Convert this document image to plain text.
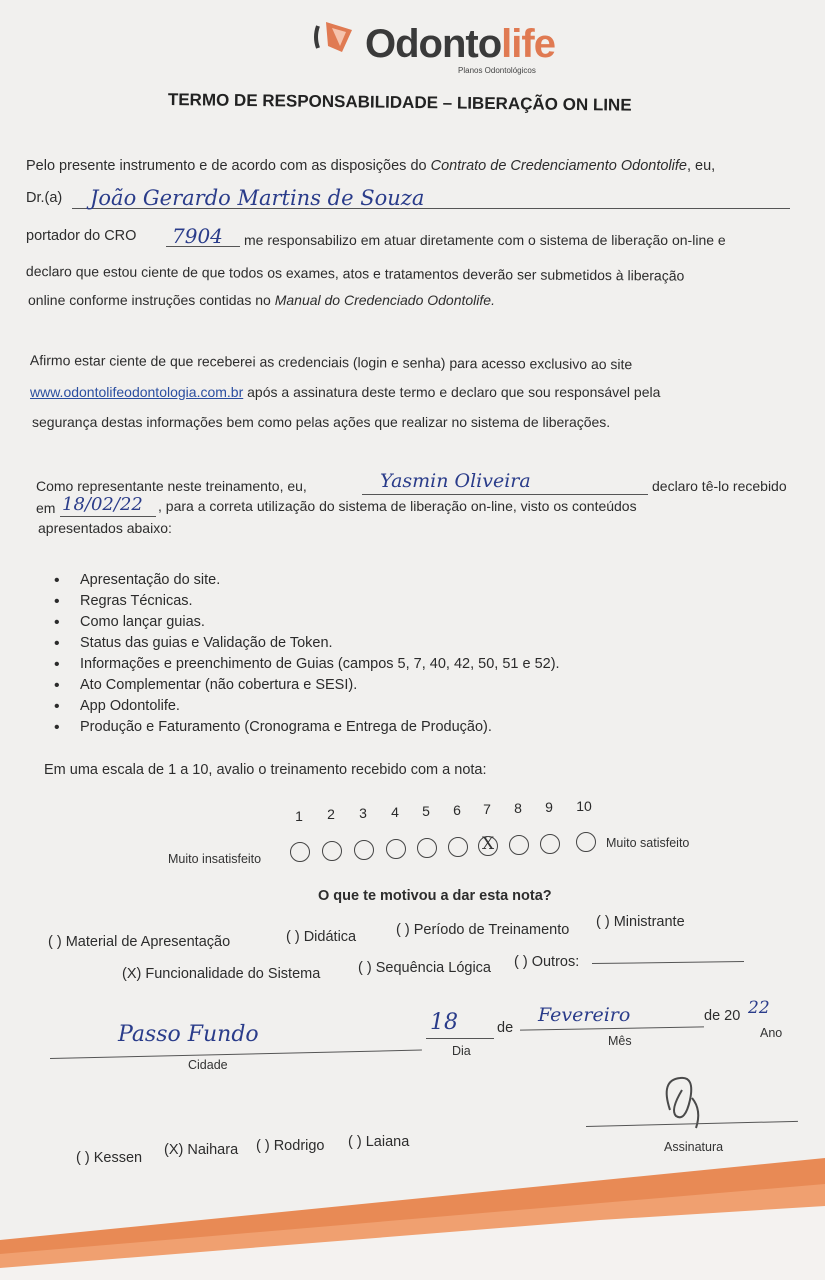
Odontolife
Planos Odontológicos
TERMO DE RESPONSABILIDADE – LIBERAÇÃO ON LINE
Pelo presente instrumento e de acordo com as disposições do Contrato de Credenciamento Odontolife, eu,
Dr.(a) João Gerardo Martins de Souza
portador do CRO 7904 me responsabilizo em atuar diretamente com o sistema de liberação on-line e
declaro que estou ciente de que todos os exames, atos e tratamentos deverão ser submetidos à liberação
online conforme instruções contidas no Manual do Credenciado Odontolife.
Afirmo estar ciente de que receberei as credenciais (login e senha) para acesso exclusivo ao site
www.odontolifeodontologia.com.br após a assinatura deste termo e declaro que sou responsável pela
segurança destas informações bem como pelas ações que realizar no sistema de liberações.
Como representante neste treinamento, eu,	Yasmin Oliveira	declaro tê-lo recebido
em 18/02/22 , para a correta utilização do sistema de liberação on-line, visto os conteúdos
apresentados abaixo:
• Apresentação do site.
• Regras Técnicas.
• Como lançar guias.
• Status das guias e Validação de Token.
• Informações e preenchimento de Guias (campos 5, 7, 40, 42, 50, 51 e 52).
• Ato Complementar (não cobertura e SESI).
• App Odontolife.
• Produção e Faturamento (Cronograma e Entrega de Produção).
Em uma escala de 1 a 10, avalio o treinamento recebido com a nota:
1	2	3	4	5	6	7	8	9	10
Muito insatisfeito
X	Muito satisfeito
O que te motivou a dar esta nota?
( ) Material de Apresentação	( ) Didática	( ) Período de Treinamento ( ) Ministrante
(X) Funcionalidade do Sistema	( ) Sequência Lógica ( ) Outros:
Passo Fundo
Cidade
18
Dia
de
Fevereiro
Mês
de 20 22
Ano
( ) Kessen (X) Naihara ( ) Rodrigo ( ) Laiana	Assinatura
